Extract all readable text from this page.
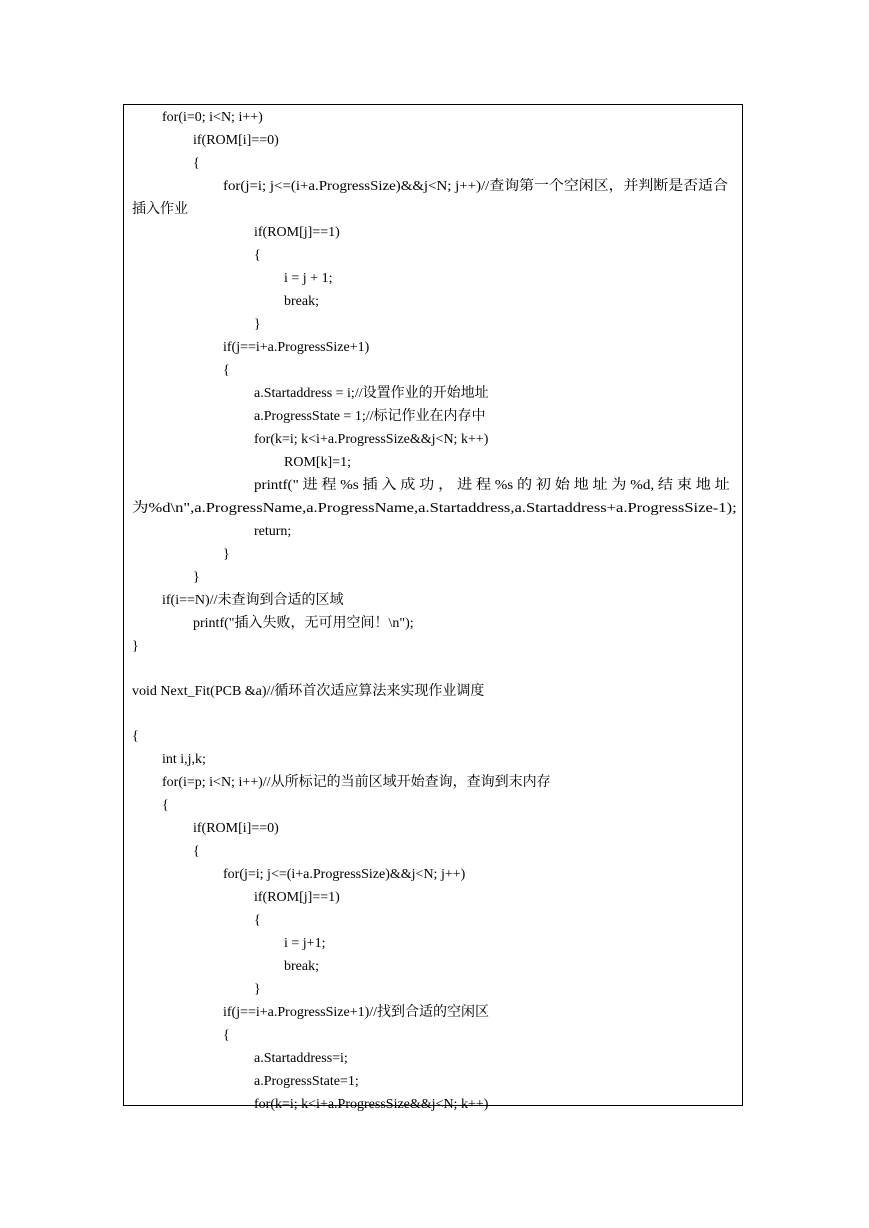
for(i=0; i<N; i++)
if(ROM[i]==0)
{
for(j=i; j<=(i+a.ProgressSize)&&j<N; j++)//查询第一个空闲区，并判断是否适合
插入作业
if(ROM[j]==1)
{
i = j + 1;
break;
}
if(j==i+a.ProgressSize+1)
{
a.Startaddress = i;//设置作业的开始地址
a.ProgressState = 1;//标记作业在内存中
for(k=i; k<i+a.ProgressSize&&j<N; k++)
ROM[k]=1;
printf(" 进 程 %s 插 入 成 功 ， 进 程 %s 的 初 始 地 址 为 %d, 结 束 地 址
为%d\n",a.ProgressName,a.ProgressName,a.Startaddress,a.Startaddress+a.ProgressSize-1);
return;
}
}
if(i==N)//未查询到合适的区域
printf("插入失败，无可用空间！\n");
}
void Next_Fit(PCB &a)//循环首次适应算法来实现作业调度
{
int i,j,k;
for(i=p; i<N; i++)//从所标记的当前区域开始查询，查询到末内存
{
if(ROM[i]==0)
{
for(j=i; j<=(i+a.ProgressSize)&&j<N; j++)
if(ROM[j]==1)
{
i = j+1;
break;
}
if(j==i+a.ProgressSize+1)//找到合适的空闲区
{
a.Startaddress=i;
a.ProgressState=1;
for(k=i; k<i+a.ProgressSize&&j<N; k++)
